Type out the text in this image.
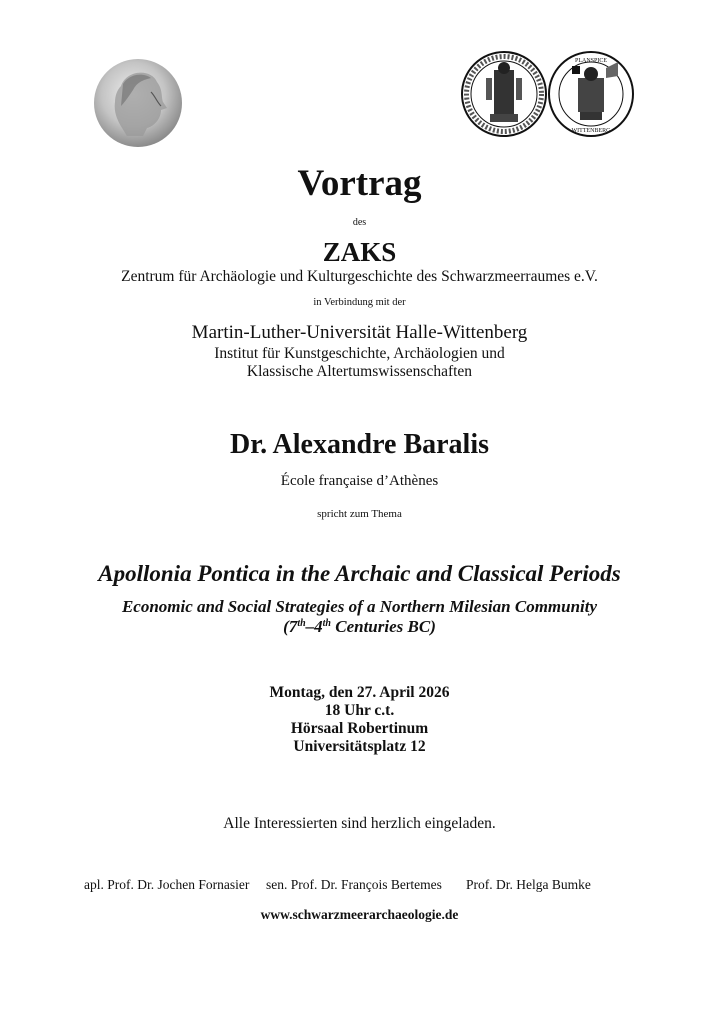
PLANSPICE
WITTENBERG
Vortrag
des
ZAKS
Zentrum für Archäologie und Kulturgeschichte des Schwarzmeerraumes e.V.
in Verbindung mit der
Martin-Luther-Universität Halle-Wittenberg
Institut für Kunstgeschichte, Archäologien und
Klassische Altertumswissenschaften
Dr. Alexandre Baralis
École française d’Athènes
spricht zum Thema
Apollonia Pontica in the Archaic and Classical Periods
Economic and Social Strategies of a Northern Milesian Community
(7th–4th Centuries BC)
Montag, den 27. April 2026
18 Uhr c.t.
Hörsaal Robertinum
Universitätsplatz 12
Alle Interessierten sind herzlich eingeladen.
apl. Prof. Dr. Jochen Fornasier sen. Prof. Dr. François Bertemes Prof. Dr. Helga Bumke
www.schwarzmeerarchaeologie.de
